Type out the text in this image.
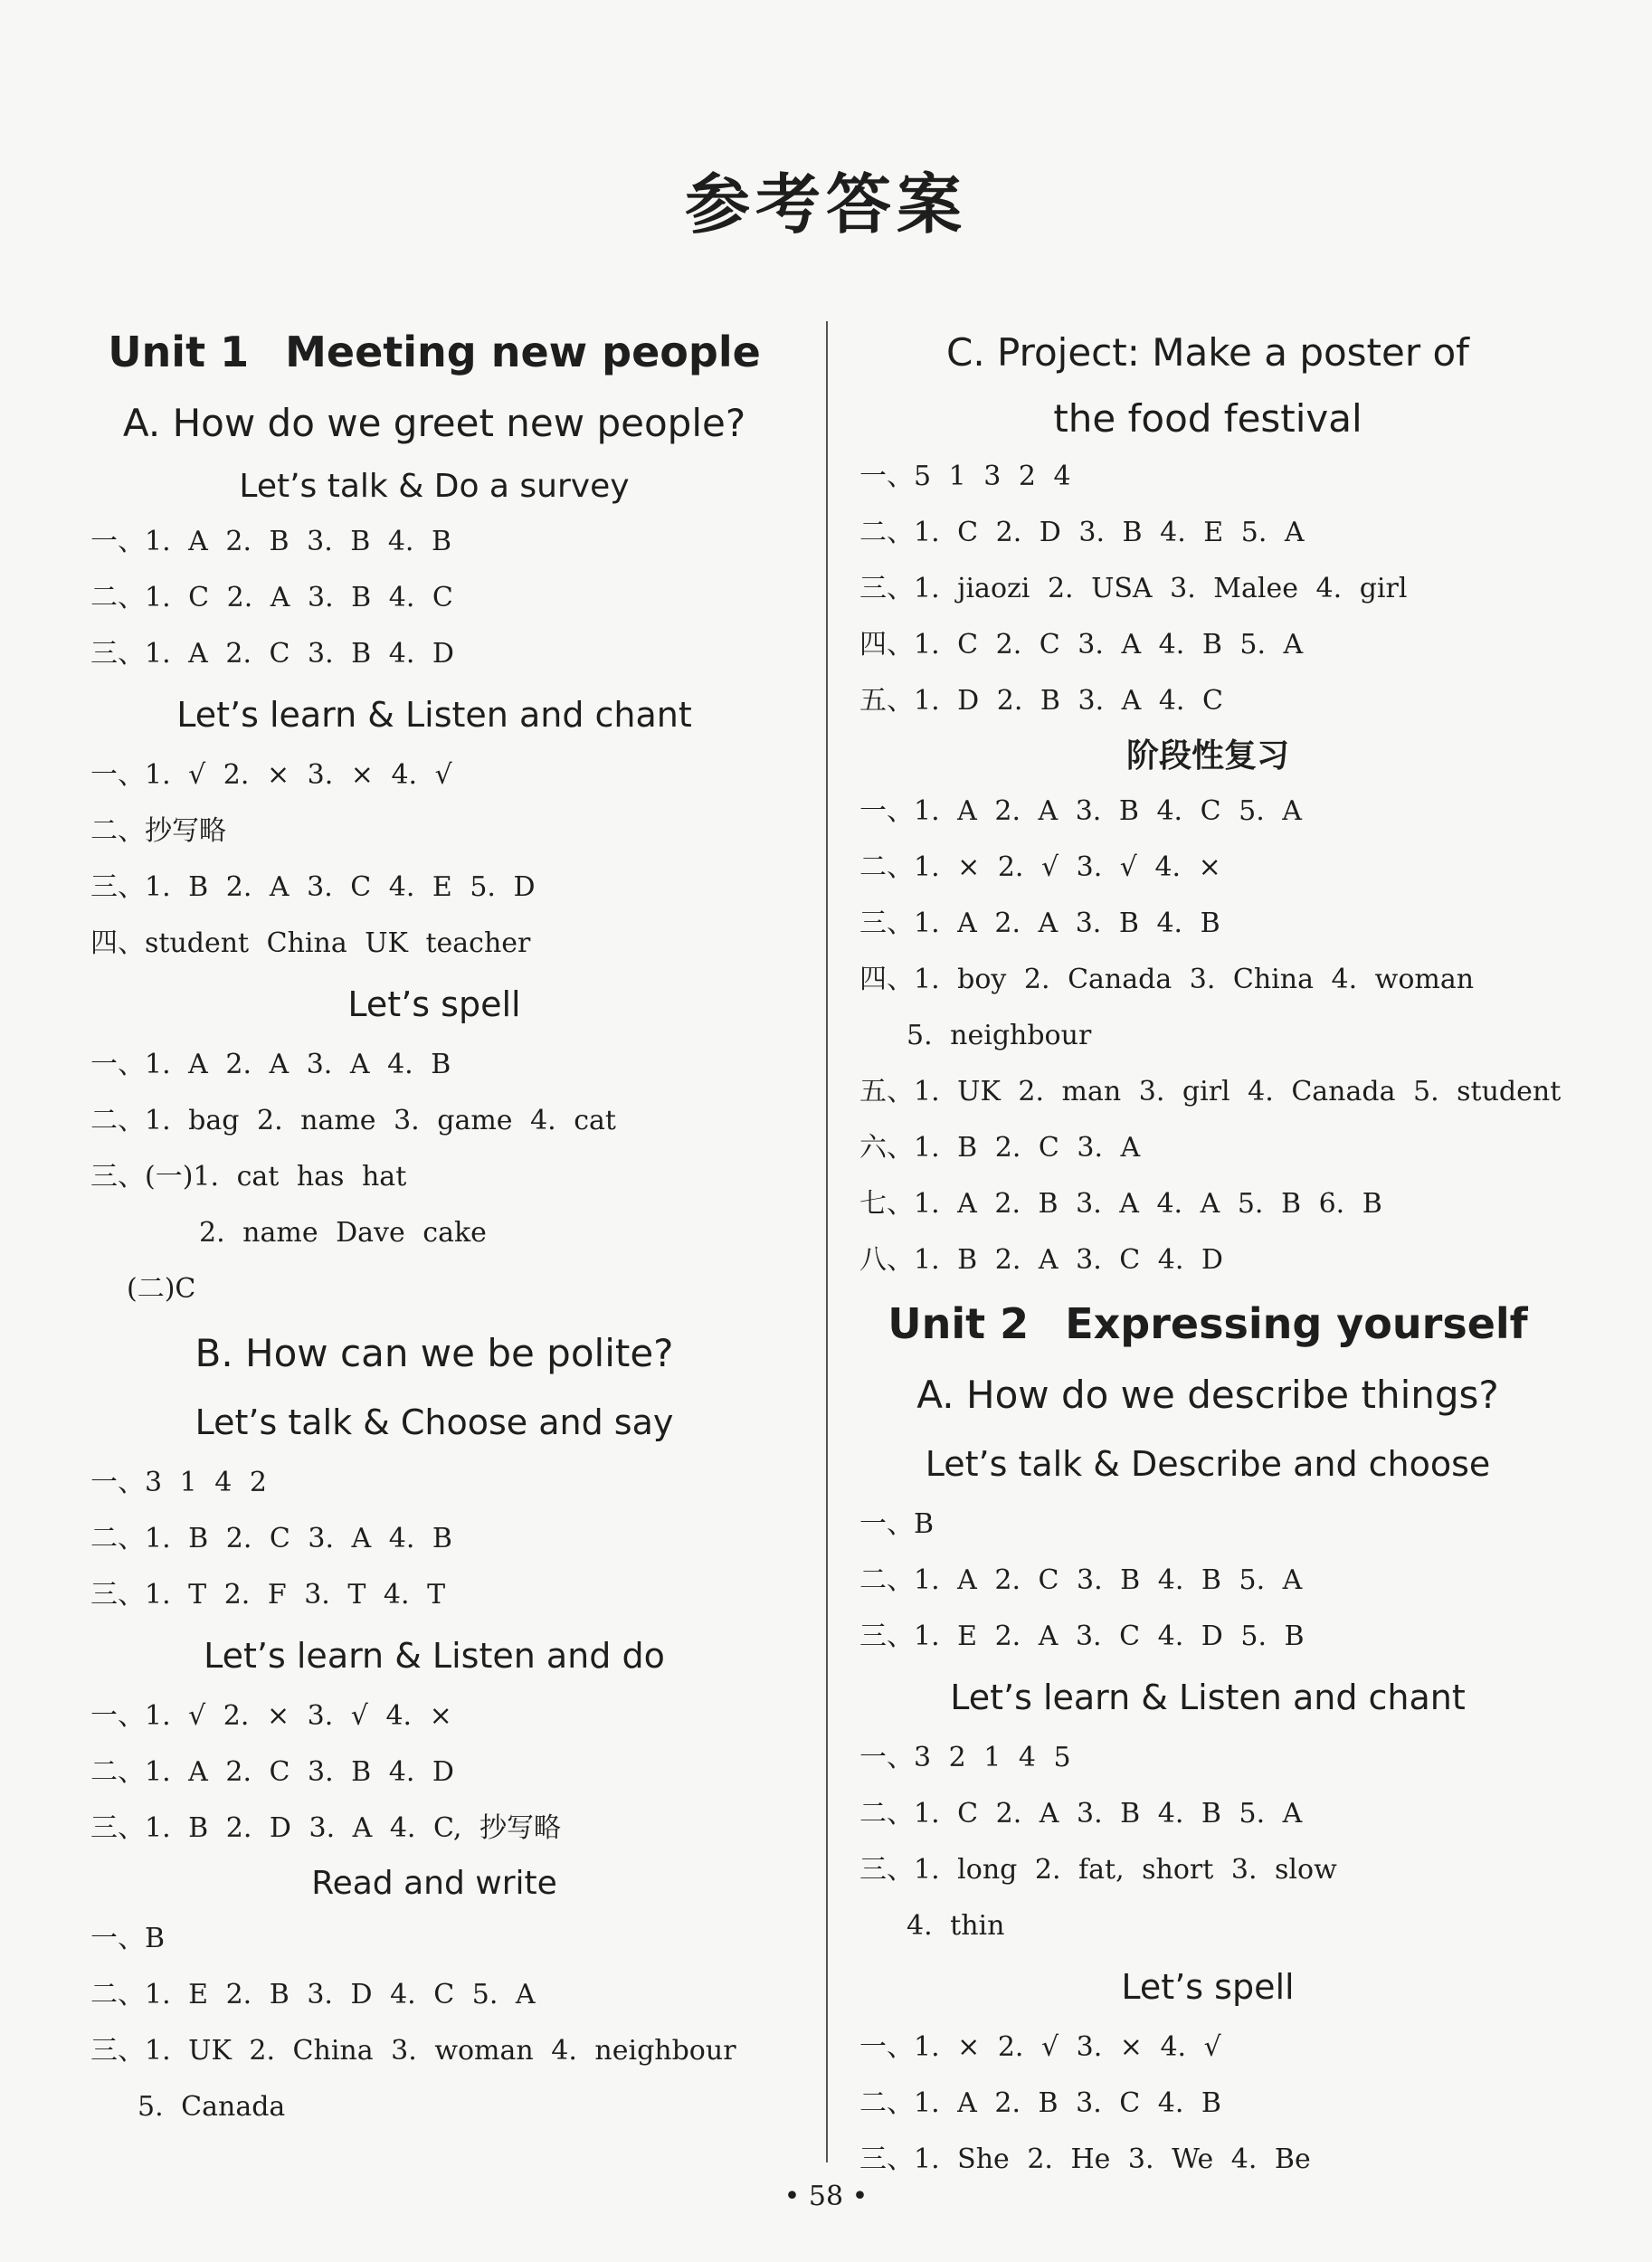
参考答案
Unit 1 Meeting new people
A. How do we greet new people?
Let’s talk & Do a survey
一、1. A 2. B 3. B 4. B
二、1. C 2. A 3. B 4. C
三、1. A 2. C 3. B 4. D
Let’s learn & Listen and chant
一、1. √ 2. × 3. × 4. √
二、抄写略
三、1. B 2. A 3. C 4. E 5. D
四、student China UK teacher
Let’s spell
一、1. A 2. A 3. A 4. B
二、1. bag 2. name 3. game 4. cat
三、(一)1. cat has hat
2. name Dave cake
(二)C
B. How can we be polite?
Let’s talk & Choose and say
一、3 1 4 2
二、1. B 2. C 3. A 4. B
三、1. T 2. F 3. T 4. T
Let’s learn & Listen and do
一、1. √ 2. × 3. √ 4. ×
二、1. A 2. C 3. B 4. D
三、1. B 2. D 3. A 4. C, 抄写略
Read and write
一、B
二、1. E 2. B 3. D 4. C 5. A
三、1. UK 2. China 3. woman 4. neighbour
5. Canada
C. Project: Make a poster of
the food festival
一、5 1 3 2 4
二、1. C 2. D 3. B 4. E 5. A
三、1. jiaozi 2. USA 3. Malee 4. girl
四、1. C 2. C 3. A 4. B 5. A
五、1. D 2. B 3. A 4. C
阶段性复习
一、1. A 2. A 3. B 4. C 5. A
二、1. × 2. √ 3. √ 4. ×
三、1. A 2. A 3. B 4. B
四、1. boy 2. Canada 3. China 4. woman
5. neighbour
五、1. UK 2. man 3. girl 4. Canada 5. student
六、1. B 2. C 3. A
七、1. A 2. B 3. A 4. A 5. B 6. B
八、1. B 2. A 3. C 4. D
Unit 2 Expressing yourself
A. How do we describe things?
Let’s talk & Describe and choose
一、B
二、1. A 2. C 3. B 4. B 5. A
三、1. E 2. A 3. C 4. D 5. B
Let’s learn & Listen and chant
一、3 2 1 4 5
二、1. C 2. A 3. B 4. B 5. A
三、1. long 2. fat, short 3. slow
4. thin
Let’s spell
一、1. × 2. √ 3. × 4. √
二、1. A 2. B 3. C 4. B
三、1. She 2. He 3. We 4. Be
• 58 •
